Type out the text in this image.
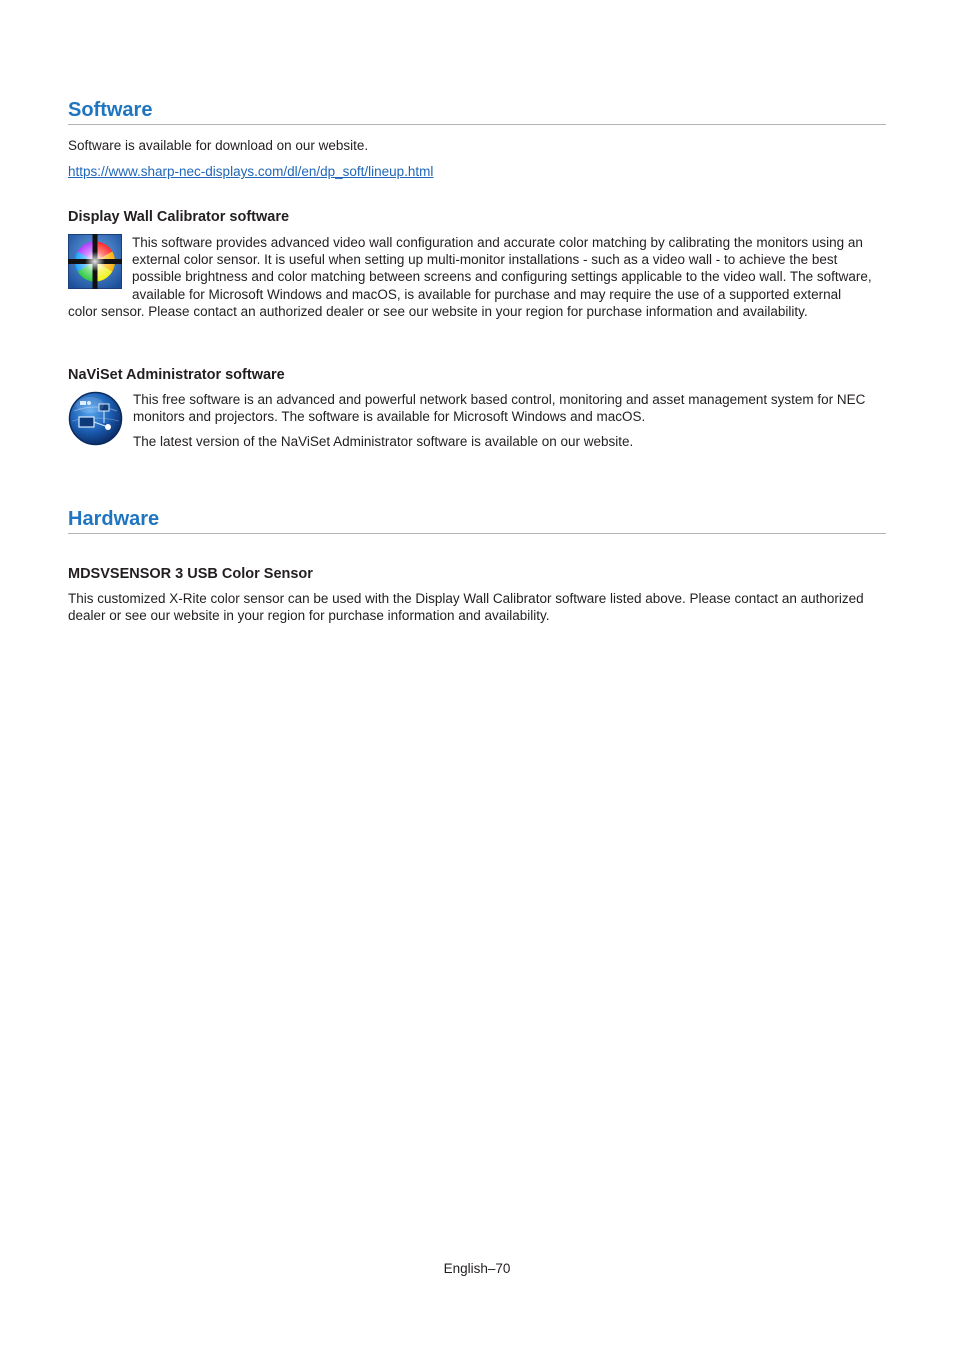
Software

Software is available for download on our website.

https://www.sharp-nec-displays.com/dl/en/dp_soft/lineup.html
Display Wall Calibrator software

This software provides advanced video wall configuration and accurate color matching by calibrating the monitors using an external color sensor. It is useful when setting up multi-monitor installations - such as a video wall - to achieve the best possible brightness and color matching between screens and configuring settings applicable to the video wall. The software, available for Microsoft Windows and macOS, is available for purchase and may require the use of a supported external color sensor. Please contact an authorized dealer or see our website in your region for purchase information and availability.

NaViSet Administrator software

This free software is an advanced and powerful network based control, monitoring and asset management system for NEC monitors and projectors. The software is available for Microsoft Windows and macOS.

The latest version of the NaViSet Administrator software is available on our website.

Hardware
MDSVSENSOR 3 USB Color Sensor

This customized X-Rite color sensor can be used with the Display Wall Calibrator software listed above. Please contact an authorized dealer or see our website in your region for purchase information and availability.

English–70
